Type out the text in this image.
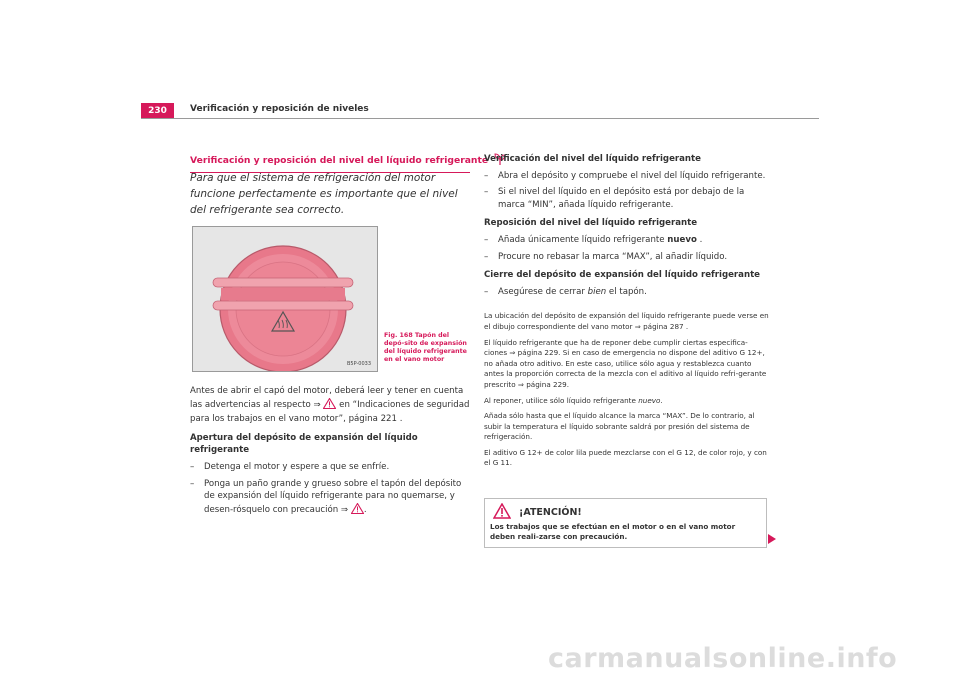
230	Verificación y reposición de niveles
Verificación y reposición del nivel del líquido refrigerante
Para que el sistema de refrigeración del motor funcione perfectamente es importante que el nivel del refrigerante sea correcto.
B5P-0033
Fig. 168 Tapón del depó-sito de expansión del líquido refrigerante en el vano motor

Antes de abrir el capó del motor, deberá leer y tener en cuenta las advertencias al respecto ⇒  en “Indicaciones de seguridad para los trabajos en el vano motor”, página 221 .

Apertura del depósito de expansión del líquido refrigerante

–	Detenga el motor y espere a que se enfríe.
–	Ponga un paño grande y grueso sobre el tapón del depósito de expansión del líquido refrigerante para no quemarse, y desen-rósquelo con precaución ⇒ .

Verificación del nivel del líquido refrigerante

–	Abra el depósito y compruebe el nivel del líquido refrigerante.
–	Si el nivel del líquido en el depósito está por debajo de la marca “MIN”, añada líquido refrigerante.

Reposición del nivel del líquido refrigerante

–	Añada únicamente líquido refrigerante nuevo .
–	Procure no rebasar la marca “MAX”, al añadir líquido.

Cierre del depósito de expansión del líquido refrigerante

–	Asegúrese de cerrar bien el tapón.

La ubicación del depósito de expansión del líquido refrigerante puede verse en el dibujo correspondiente del vano motor ⇒ página 287 .

El líquido refrigerante que ha de reponer debe cumplir ciertas especifica-ciones ⇒ página 229. Si en caso de emergencia no dispone del aditivo G 12+, no añada otro aditivo. En este caso, utilice sólo agua y restablezca cuanto antes la proporción correcta de la mezcla con el aditivo al líquido refri-gerante prescrito ⇒ página 229.

Al reponer, utilice sólo líquido refrigerante nuevo.

Añada sólo hasta que el líquido alcance la marca “MAX”. De lo contrario, al subir la temperatura el líquido sobrante saldrá por presión del sistema de refrigeración.

El aditivo G 12+ de color lila puede mezclarse con el G 12, de color rojo, y con el G 11.

¡ATENCIÓN!
Los trabajos que se efectúan en el motor o en el vano motor deben reali-zarse con precaución.
carmanualsonline.info
